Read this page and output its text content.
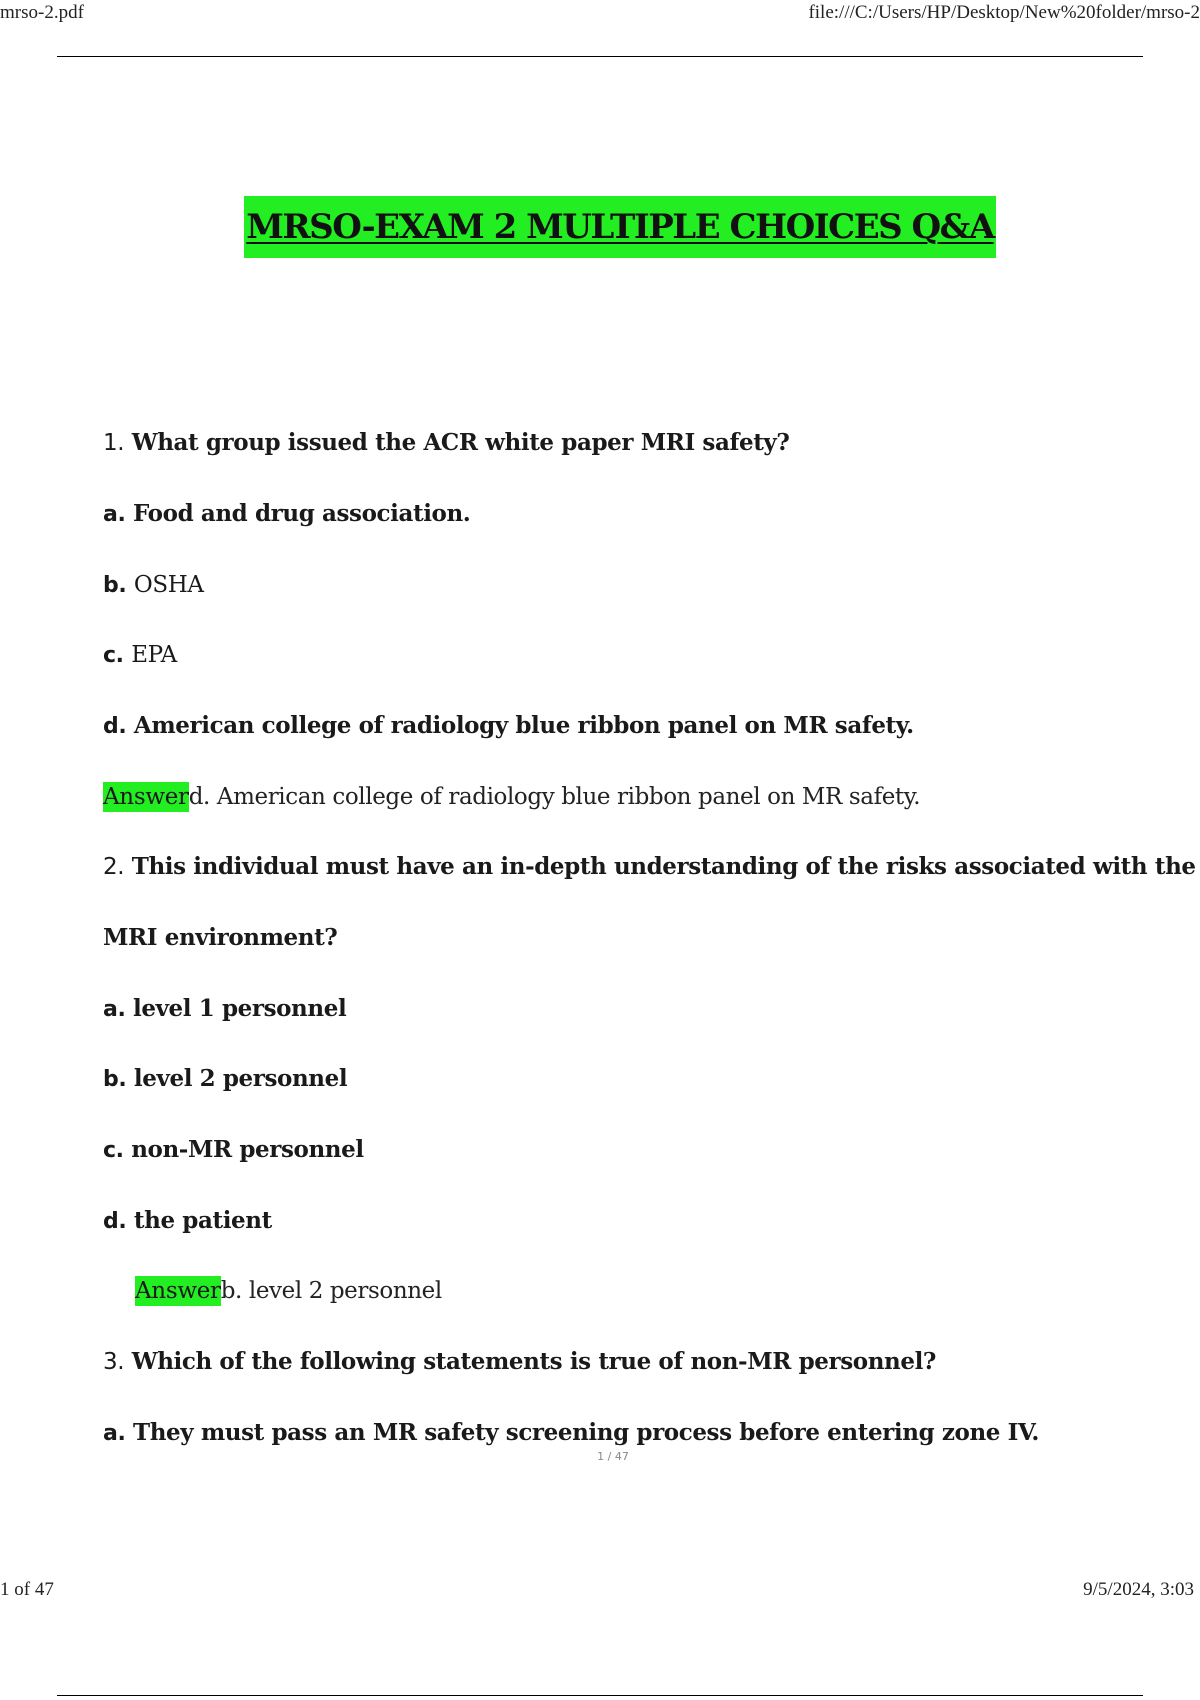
mrso-2.pdf	file:///C:/Users/HP/Desktop/New%20folder/mrso-2
MRSO-EXAM 2 MULTIPLE CHOICES Q&A
1. What group issued the ACR white paper MRI safety?
a. Food and drug association.
b. OSHA
c. EPA
d. American college of radiology blue ribbon panel on MR safety.
Answerd. American college of radiology blue ribbon panel on MR safety.
2. This individual must have an in-depth understanding of the risks associated with the
MRI environment?
a. level 1 personnel
b. level 2 personnel
c. non-MR personnel
d. the patient
Answerb. level 2 personnel
3. Which of the following statements is true of non-MR personnel?
a. They must pass an MR safety screening process before entering zone IV.
1 / 47
1 of 47	9/5/2024, 3:03
